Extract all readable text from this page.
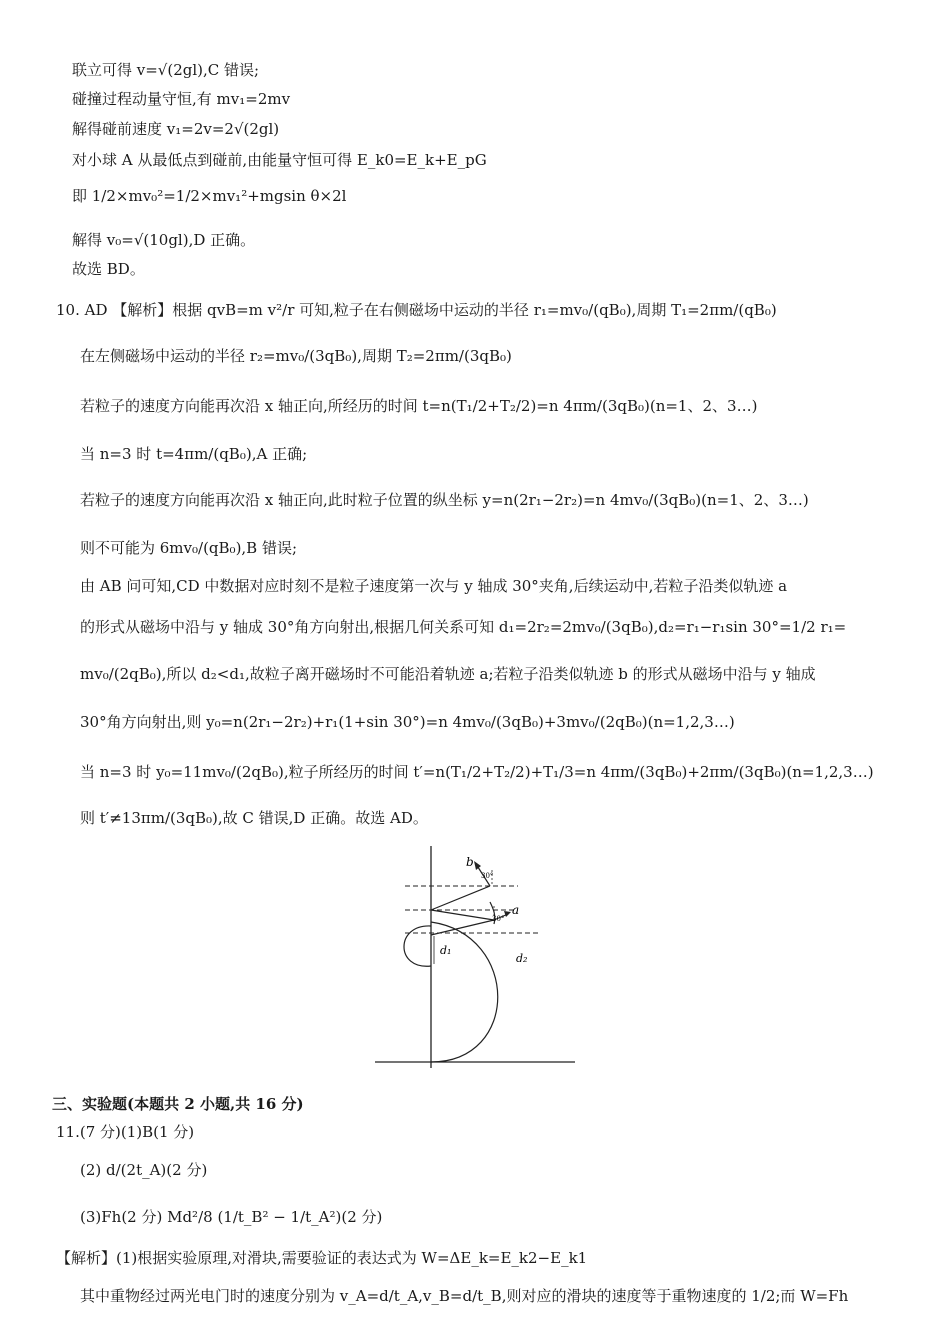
联立可得 v=√(2gl),C 错误;
碰撞过程动量守恒,有 mv₁=2mv
解得碰前速度 v₁=2v=2√(2gl)
对小球 A 从最低点到碰前,由能量守恒可得 E_k0=E_k+E_pG
即 1/2×mv₀²=1/2×mv₁²+mgsin θ×2l
解得 v₀=√(10gl),D 正确。
故选 BD。
10. AD 【解析】根据 qvB=m v²/r 可知,粒子在右侧磁场中运动的半径 r₁=mv₀/(qB₀),周期 T₁=2πm/(qB₀)
在左侧磁场中运动的半径 r₂=mv₀/(3qB₀),周期 T₂=2πm/(3qB₀)
若粒子的速度方向能再次沿 x 轴正向,所经历的时间 t=n(T₁/2+T₂/2)=n 4πm/(3qB₀)(n=1、2、3…)
当 n=3 时 t=4πm/(qB₀),A 正确;
若粒子的速度方向能再次沿 x 轴正向,此时粒子位置的纵坐标 y=n(2r₁−2r₂)=n 4mv₀/(3qB₀)(n=1、2、3…)
则不可能为 6mv₀/(qB₀),B 错误;
由 AB 问可知,CD 中数据对应时刻不是粒子速度第一次与 y 轴成 30°夹角,后续运动中,若粒子沿类似轨迹 a
的形式从磁场中沿与 y 轴成 30°角方向射出,根据几何关系可知 d₁=2r₂=2mv₀/(3qB₀),d₂=r₁−r₁sin 30°=1/2 r₁=
mv₀/(2qB₀),所以 d₂<d₁,故粒子离开磁场时不可能沿着轨迹 a;若粒子沿类似轨迹 b 的形式从磁场中沿与 y 轴成
30°角方向射出,则 y₀=n(2r₁−2r₂)+r₁(1+sin 30°)=n 4mv₀/(3qB₀)+3mv₀/(2qB₀)(n=1,2,3…)
当 n=3 时 y₀=11mv₀/(2qB₀),粒子所经历的时间 t′=n(T₁/2+T₂/2)+T₁/3=n 4πm/(3qB₀)+2πm/(3qB₀)(n=1,2,3…)
则 t′≠13πm/(3qB₀),故 C 错误,D 正确。故选 AD。
b
a
30°
30°
d₁
d₂
三、实验题(本题共 2 小题,共 16 分)
11.(7 分)(1)B(1 分)
(2) d/(2t_A)(2 分)
(3)Fh(2 分) Md²/8 (1/t_B² − 1/t_A²)(2 分)
【解析】(1)根据实验原理,对滑块,需要验证的表达式为 W=ΔE_k=E_k2−E_k1
其中重物经过两光电门时的速度分别为 v_A=d/t_A,v_B=d/t_B,则对应的滑块的速度等于重物速度的 1/2;而 W=Fh
